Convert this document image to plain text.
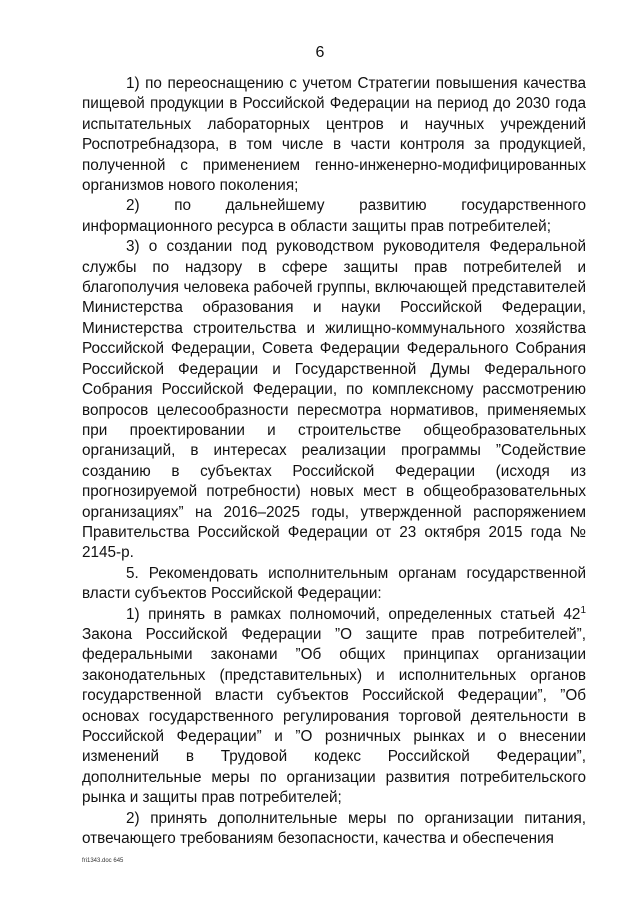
6

1) по переоснащению с учетом Стратегии повышения качества пищевой продукции в Российской Федерации на период до 2030 года испытательных лабораторных центров и научных учреждений Роспотребнадзора, в том числе в части контроля за продукцией, полученной с применением генно-инженерно-модифицированных организмов нового поколения;

2) по дальнейшему развитию государственного информационного ресурса в области защиты прав потребителей;

3) о создании под руководством руководителя Федеральной службы по надзору в сфере защиты прав потребителей и благополучия человека рабочей группы, включающей представителей Министерства образования и науки Российской Федерации, Министерства строительства и жилищно-коммунального хозяйства Российской Федерации, Совета Федерации Федерального Собрания Российской Федерации и Государственной Думы Федерального Собрания Российской Федерации, по комплексному рассмотрению вопросов целесообразности пересмотра нормативов, применяемых при проектировании и строительстве общеобразовательных организаций, в интересах реализации программы ”Содействие созданию в субъектах Российской Федерации (исходя из прогнозируемой потребности) новых мест в общеобразовательных организациях” на 2016–2025 годы, утвержденной распоряжением Правительства Российской Федерации от 23 октября 2015 года № 2145-р.

5. Рекомендовать исполнительным органам государственной власти субъектов Российской Федерации:

1) принять в рамках полномочий, определенных статьей $42^1$ Закона Российской Федерации ”О защите прав потребителей”, федеральными законами ”Об общих принципах организации законодательных (представительных) и исполнительных органов государственной власти субъектов Российской Федерации”, ”Об основах государственного регулирования торговой деятельности в Российской Федерации” и ”О розничных рынках и о внесении изменений в Трудовой кодекс Российской Федерации”, дополнительные меры по организации развития потребительского рынка и защиты прав потребителей;

2) принять дополнительные меры по организации питания, отвечающего требованиям безопасности, качества и обеспечения

fri1343.doc 645
